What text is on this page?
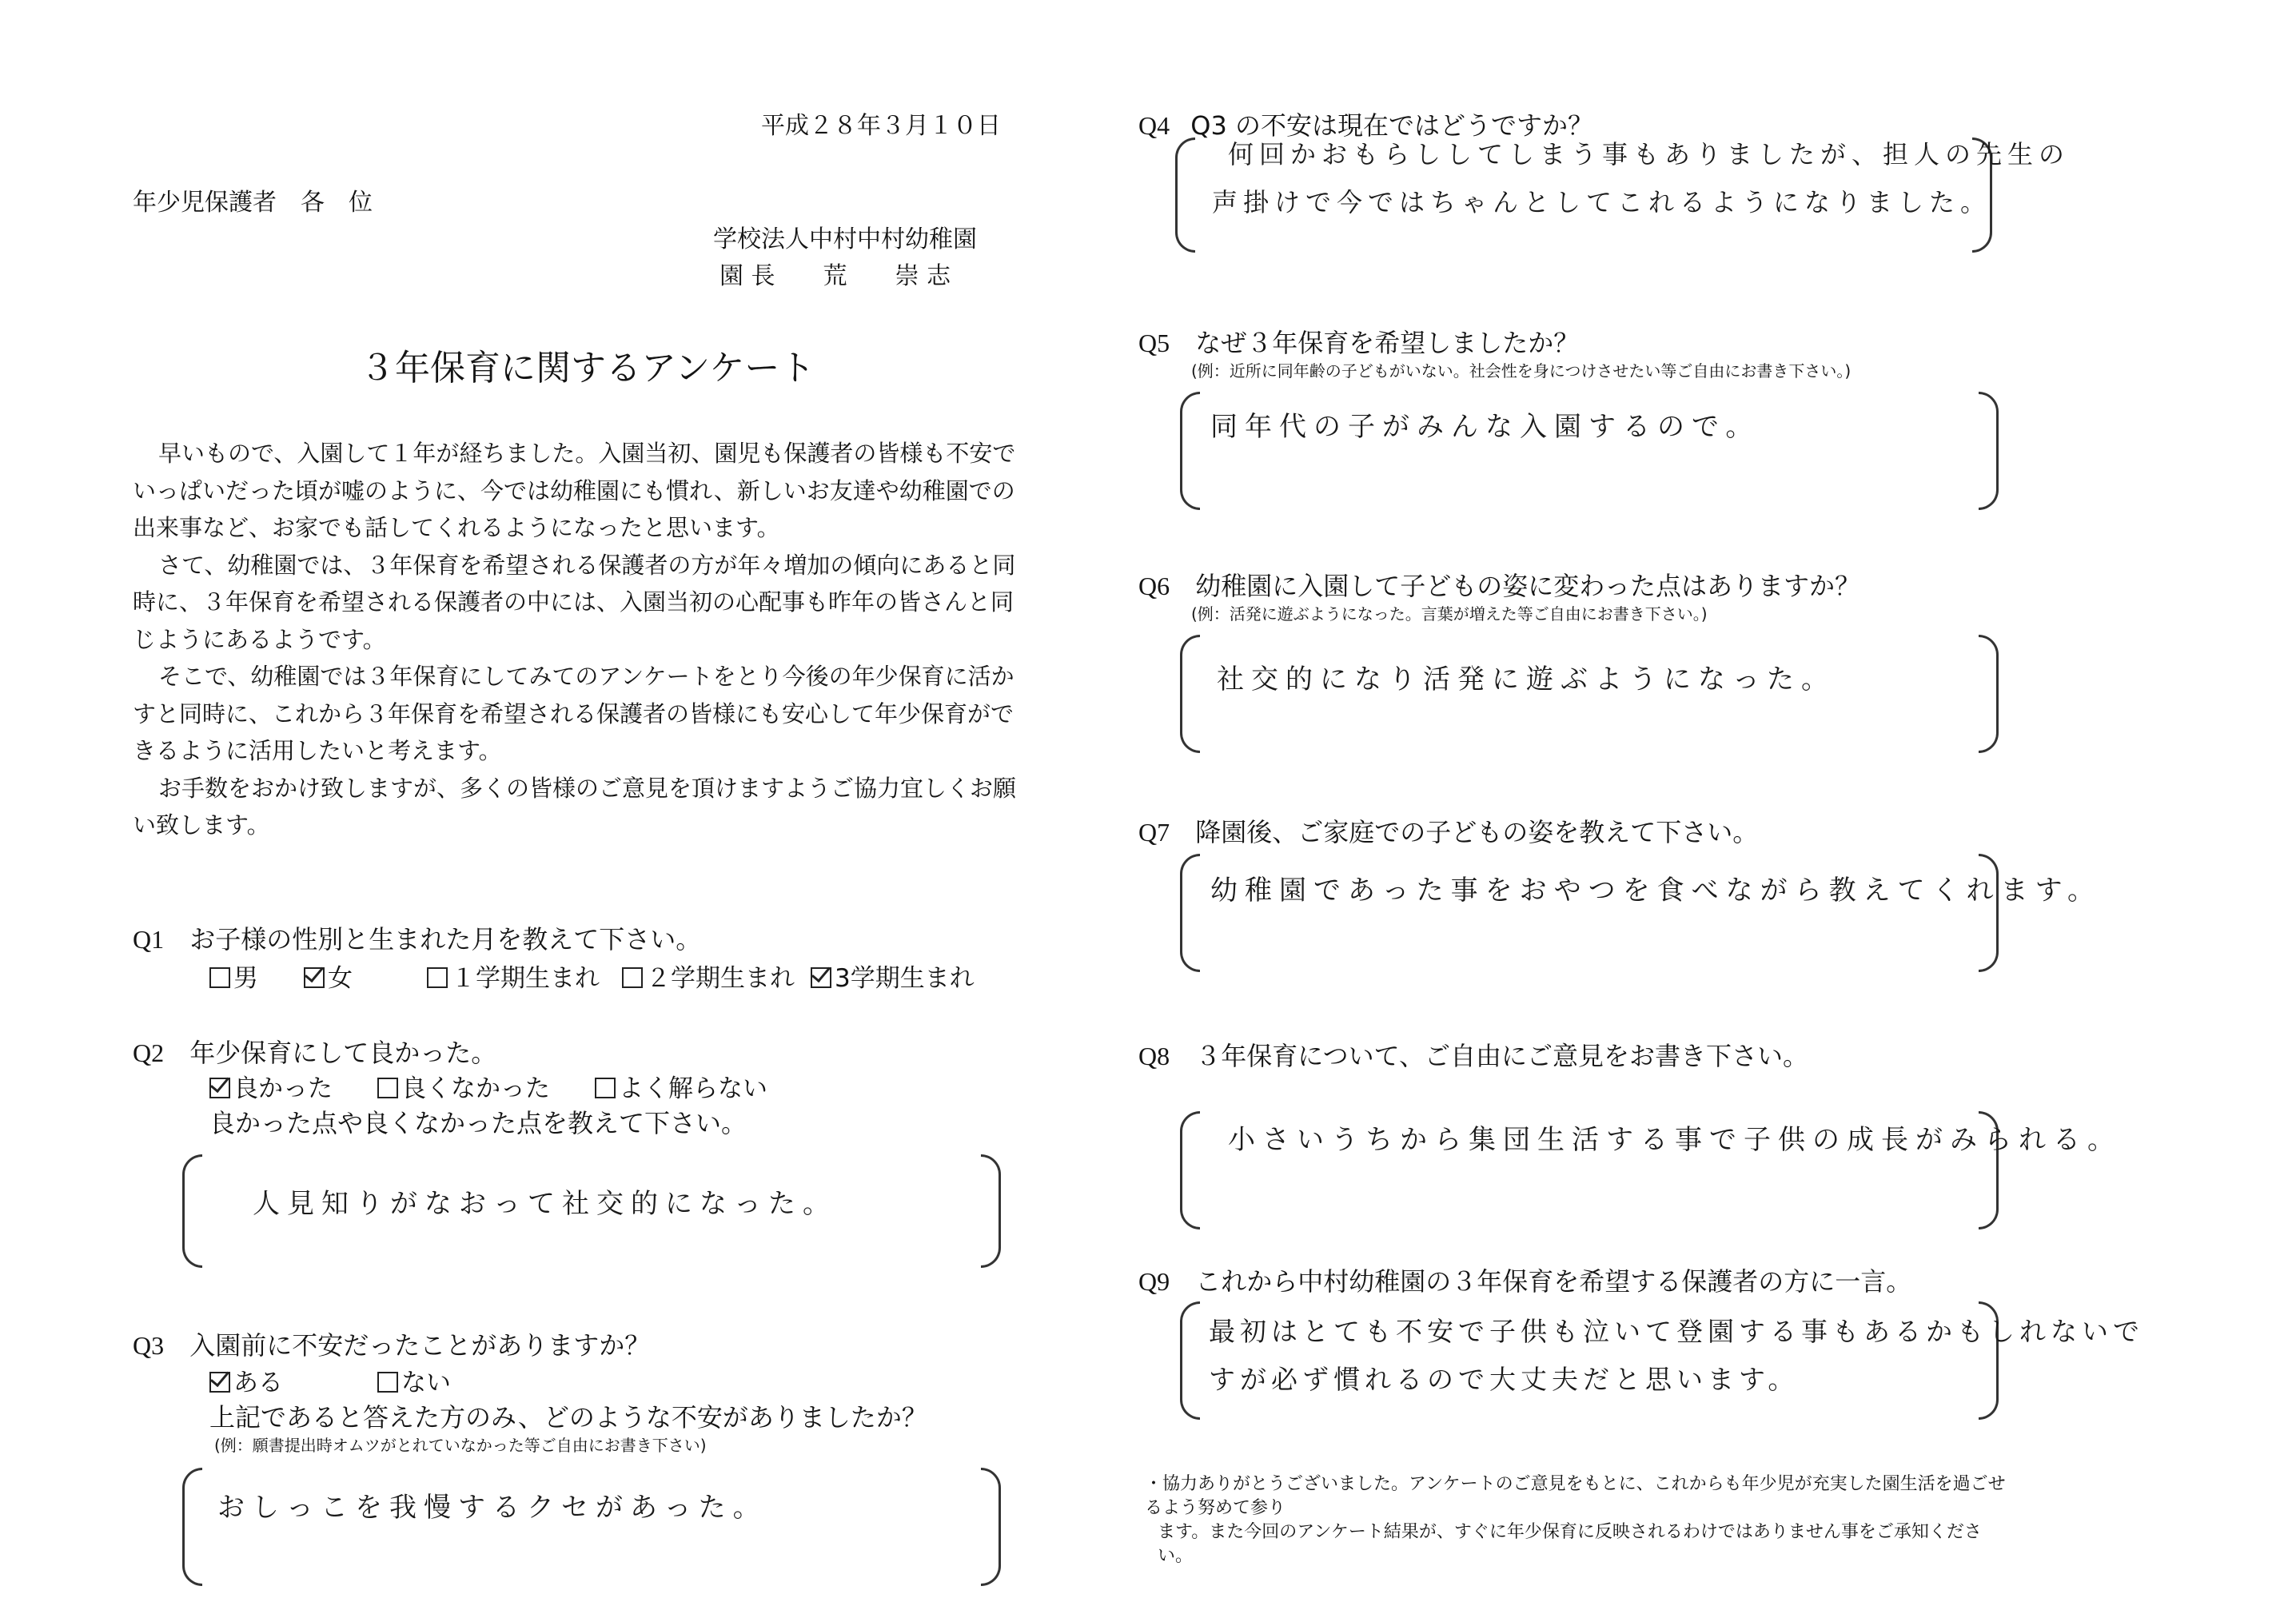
平成２８年３月１０日
年少児保護者　各　位
学校法人中村中村幼稚園
園 長　　荒　　崇 志
３年保育に関するアンケート

早いもので、入園して１年が経ちました。入園当初、園児も保護者の皆様も不安でいっぱいだった頃が嘘のように、今では幼稚園にも慣れ、新しいお友達や幼稚園での出来事など、お家でも話してくれるようになったと思います。

さて、幼稚園では、３年保育を希望される保護者の方が年々増加の傾向にあると同時に、３年保育を希望される保護者の中には、入園当初の心配事も昨年の皆さんと同じようにあるようです。

そこで、幼稚園では３年保育にしてみてのアンケートをとり今後の年少保育に活かすと同時に、これから３年保育を希望される保護者の皆様にも安心して年少保育ができるように活用したいと考えます。

お手数をおかけ致しますが、多くの皆様のご意見を頂けますようご協力宜しくお願い致します。

Q1 お子様の性別と生まれた月を教えて下さい。
男	女	１学期生まれ	２学期生まれ	3学期生まれ
Q2 年少保育にして良かった。
良かった	良くなかった	よく解らない
良かった点や良くなかった点を教えて下さい。
人見知りがなおって社交的になった。
Q3 入園前に不安だったことがありますか？
ある	ない
上記であると答えた方のみ、どのような不安がありましたか？
(例：願書提出時オムツがとれていなかった等ご自由にお書き下さい)
おしっこを我慢するクセがあった。
Q4 Q3 の不安は現在ではどうですか？
何回かおもらししてしまう事もありましたが、担人の先生の
声掛けで今ではちゃんとしてこれるようになりました。
Q5 なぜ３年保育を希望しましたか？
(例：近所に同年齢の子どもがいない。社会性を身につけさせたい等ご自由にお書き下さい。)
同年代の子がみんな入園するので。
Q6 幼稚園に入園して子どもの姿に変わった点はありますか？
(例：活発に遊ぶようになった。言葉が増えた等ご自由にお書き下さい。)
社交的になり活発に遊ぶようになった。
Q7 降園後、ご家庭での子どもの姿を教えて下さい。
幼稚園であった事をおやつを食べながら教えてくれます。
Q8 ３年保育について、ご自由にご意見をお書き下さい。
小さいうちから集団生活する事で子供の成長がみられる。
Q9 これから中村幼稚園の３年保育を希望する保護者の方に一言。
最初はとても不安で子供も泣いて登園する事もあるかもしれないで
すが必ず慣れるので大丈夫だと思います。

・協力ありがとうございました。アンケートのご意見をもとに、これからも年少児が充実した園生活を過ごせるよう努めて参り

ます。また今回のアンケート結果が、すぐに年少保育に反映されるわけではありません事をご承知ください。
